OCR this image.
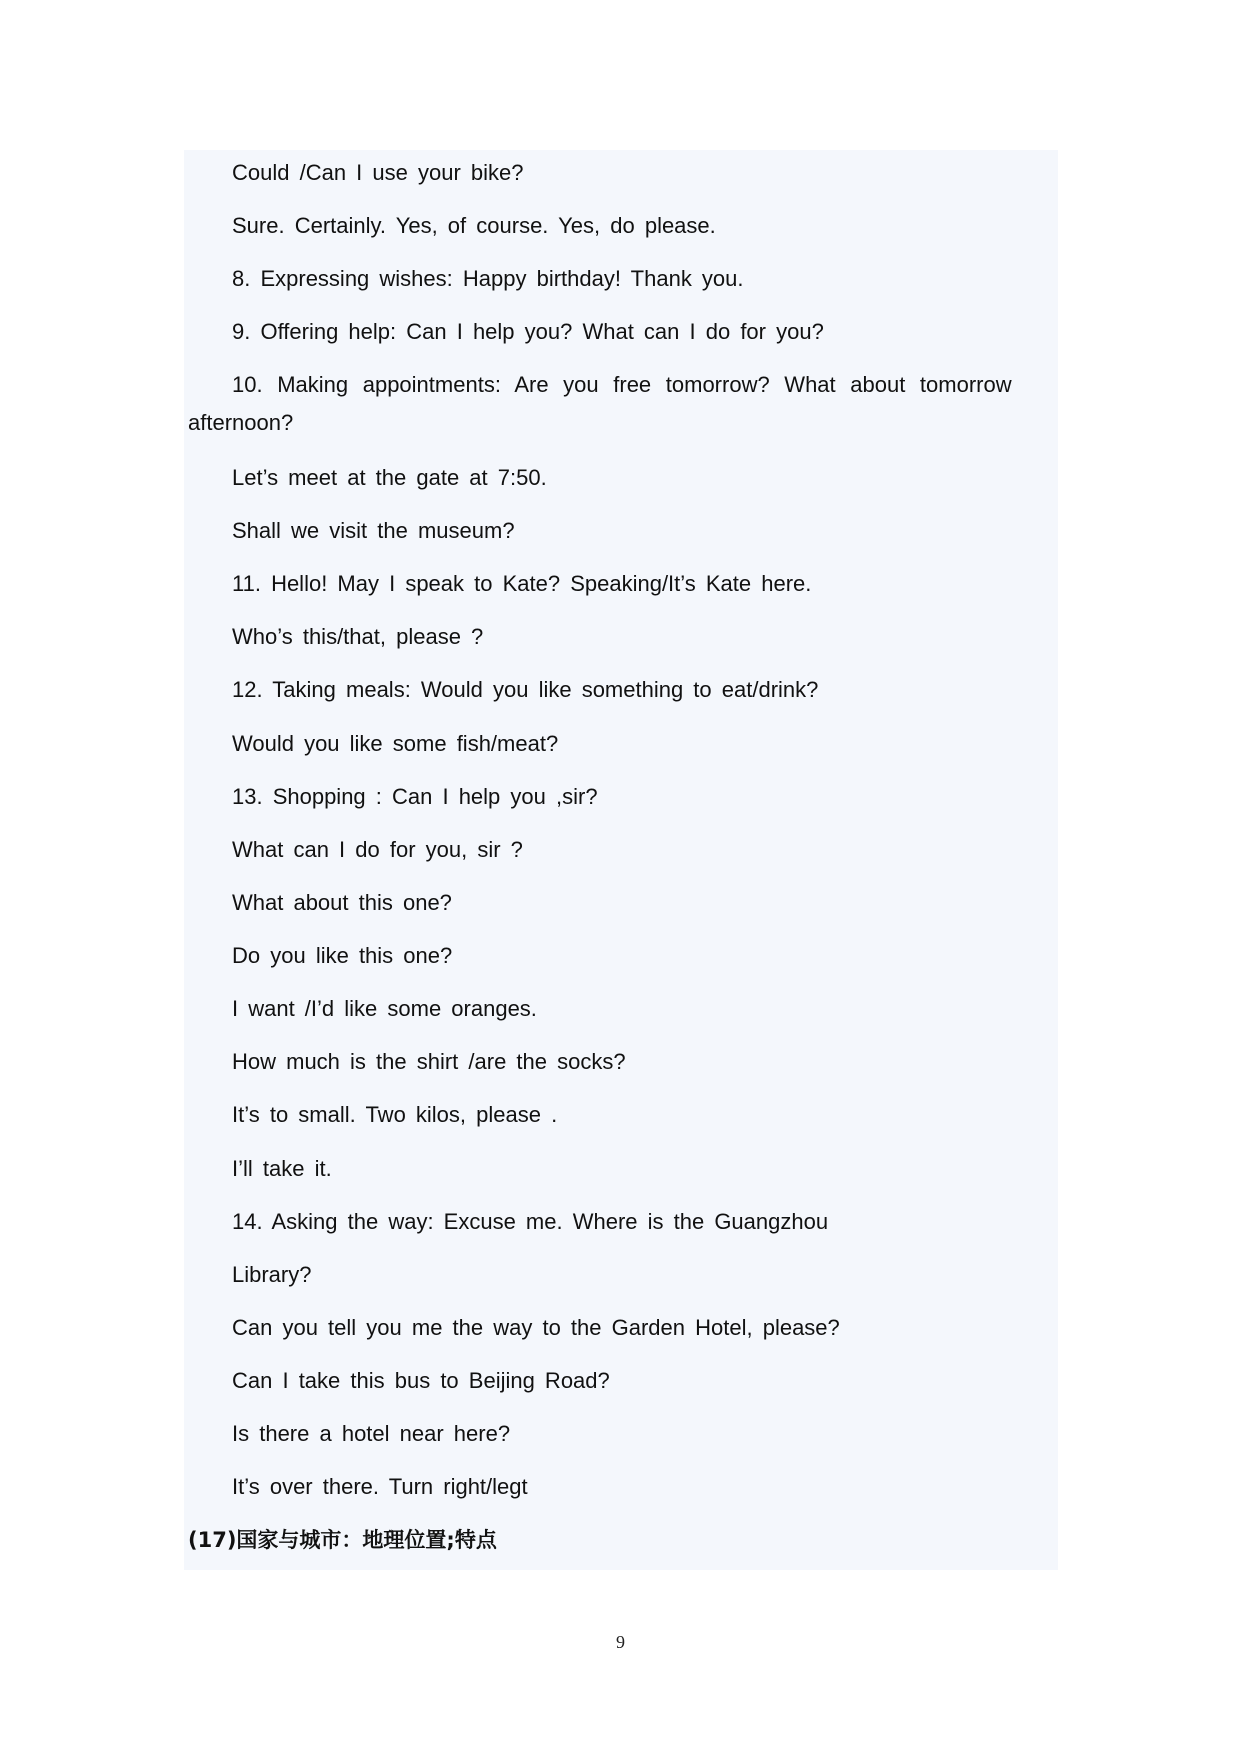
Could /Can I use your bike?
Sure. Certainly. Yes, of course. Yes, do please.
8. Expressing wishes: Happy birthday! Thank you.
9. Offering help: Can I help you? What can I do for you?
10. Making appointments: Are you free tomorrow? What about tomorrow afternoon?
Let’s meet at the gate at 7:50.
Shall we visit the museum?
11. Hello! May I speak to Kate? Speaking/It’s Kate here.
Who’s this/that, please ?
12. Taking meals: Would you like something to eat/drink?
Would you like some fish/meat?
13. Shopping : Can I help you ,sir?
What can I do for you, sir ?
What about this one?
Do you like this one?
I want /I’d like some oranges.
How much is the shirt /are the socks?
It’s to small. Two kilos, please .
I’ll take it.
14. Asking the way: Excuse me. Where is the Guangzhou
Library?
Can you tell you me the way to the Garden Hotel, please?
Can I take this bus to Beijing Road?
Is there a hotel near here?
It’s over there. Turn right/legt
(17)国家与城市：地理位置;特点
9
